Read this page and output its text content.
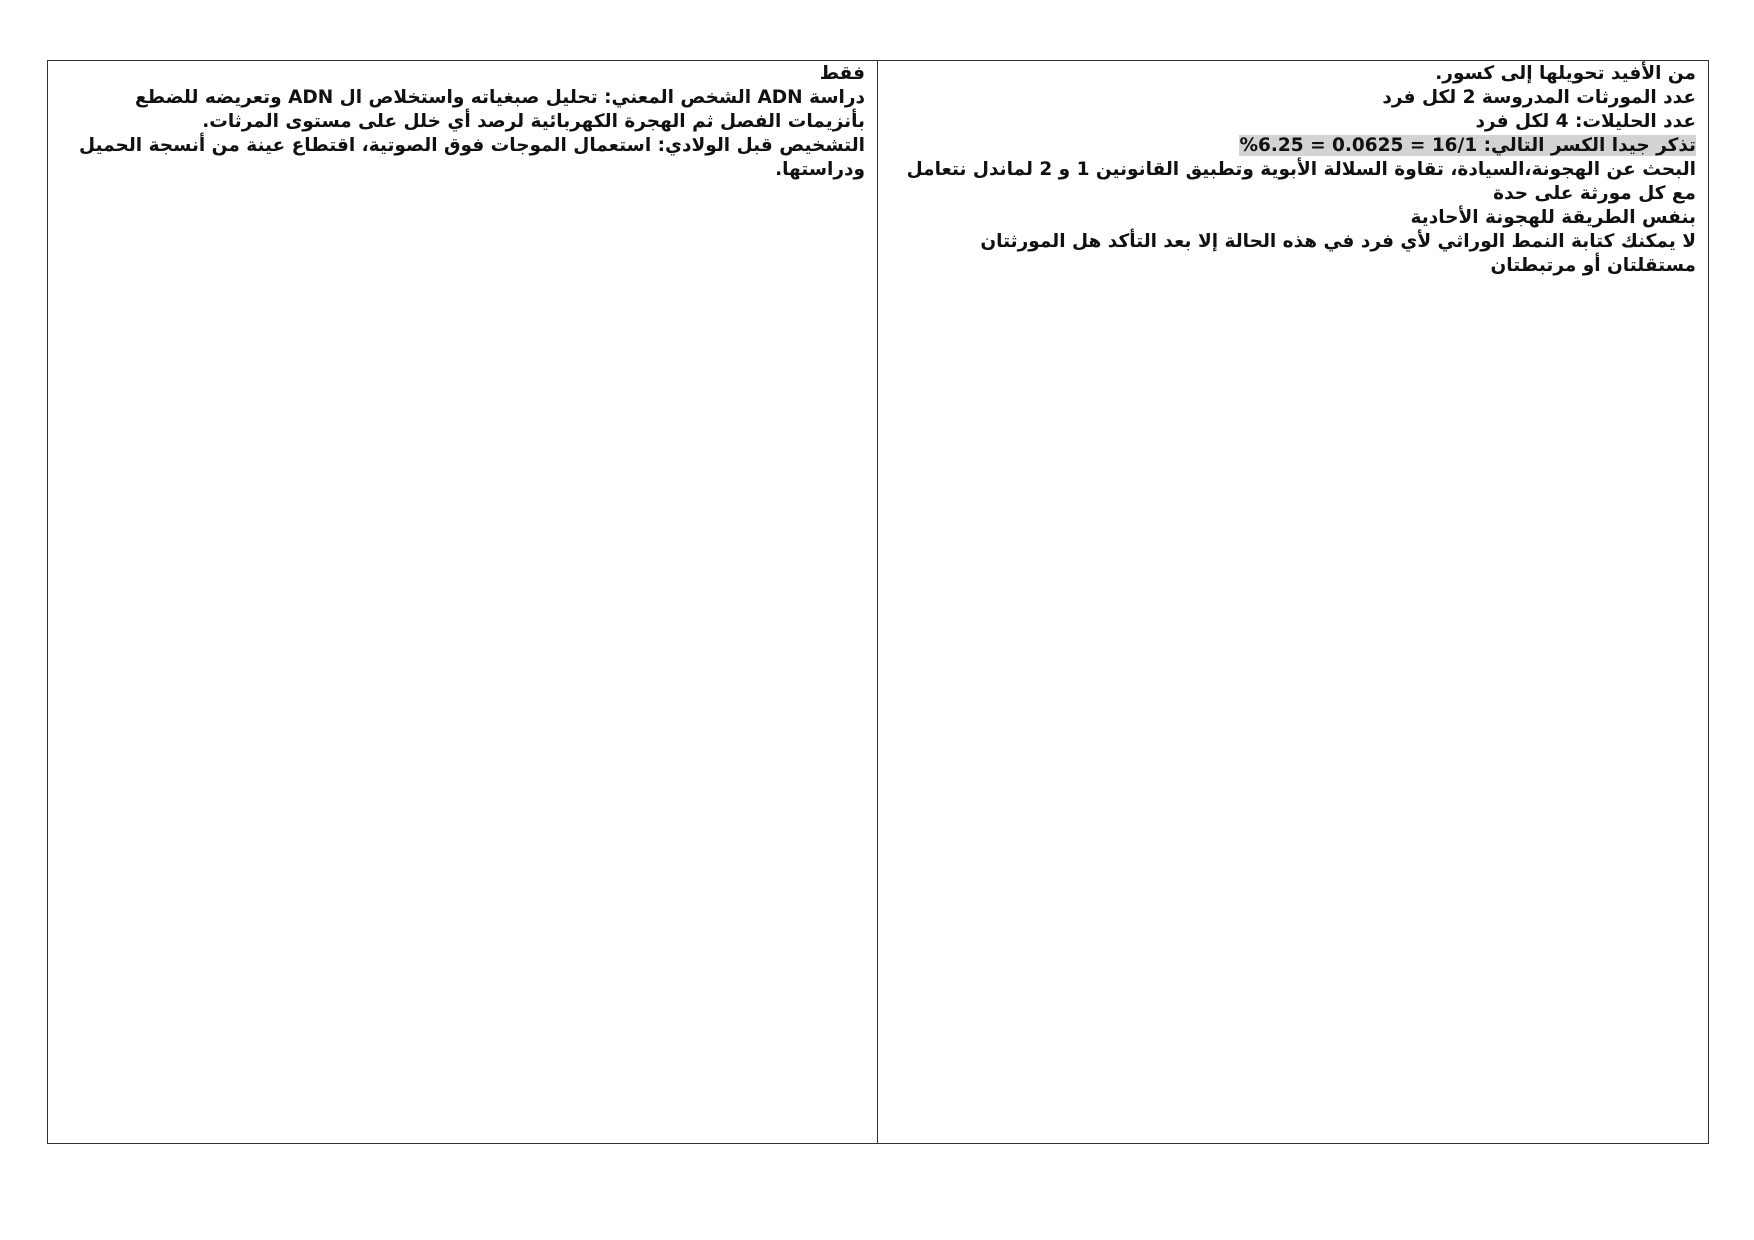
فقط

دراسة ADN الشخص المعني: تحليل صبغياته واستخلاص ال ADN وتعريضه للضطع بأنزيمات الفصل ثم الهجرة الكهربائية لرصد أي خلل على مستوى المرثات.

التشخيص قبل الولادي: استعمال الموجات فوق الصوتية، اقتطاع عينة من أنسجة الحميل ودراستها.

من الأفيد تحويلها إلى كسور.

عدد المورثات المدروسة 2 لكل فرد

عدد الحليلات: 4 لكل فرد

تذكر جيدا الكسر التالي: 16/1 = 0.0625 = 6.25%

البحث عن الهجونة،السيادة، تقاوة السلالة الأبوية وتطبيق القانونين 1 و 2 لماندل نتعامل مع كل مورثة على حدة

بنفس الطريقة للهجونة الأحادية

لا يمكنك كتابة النمط الوراثي لأي فرد في هذه الحالة إلا بعد التأكد هل المورثتان مستقلتان أو مرتبطتان
